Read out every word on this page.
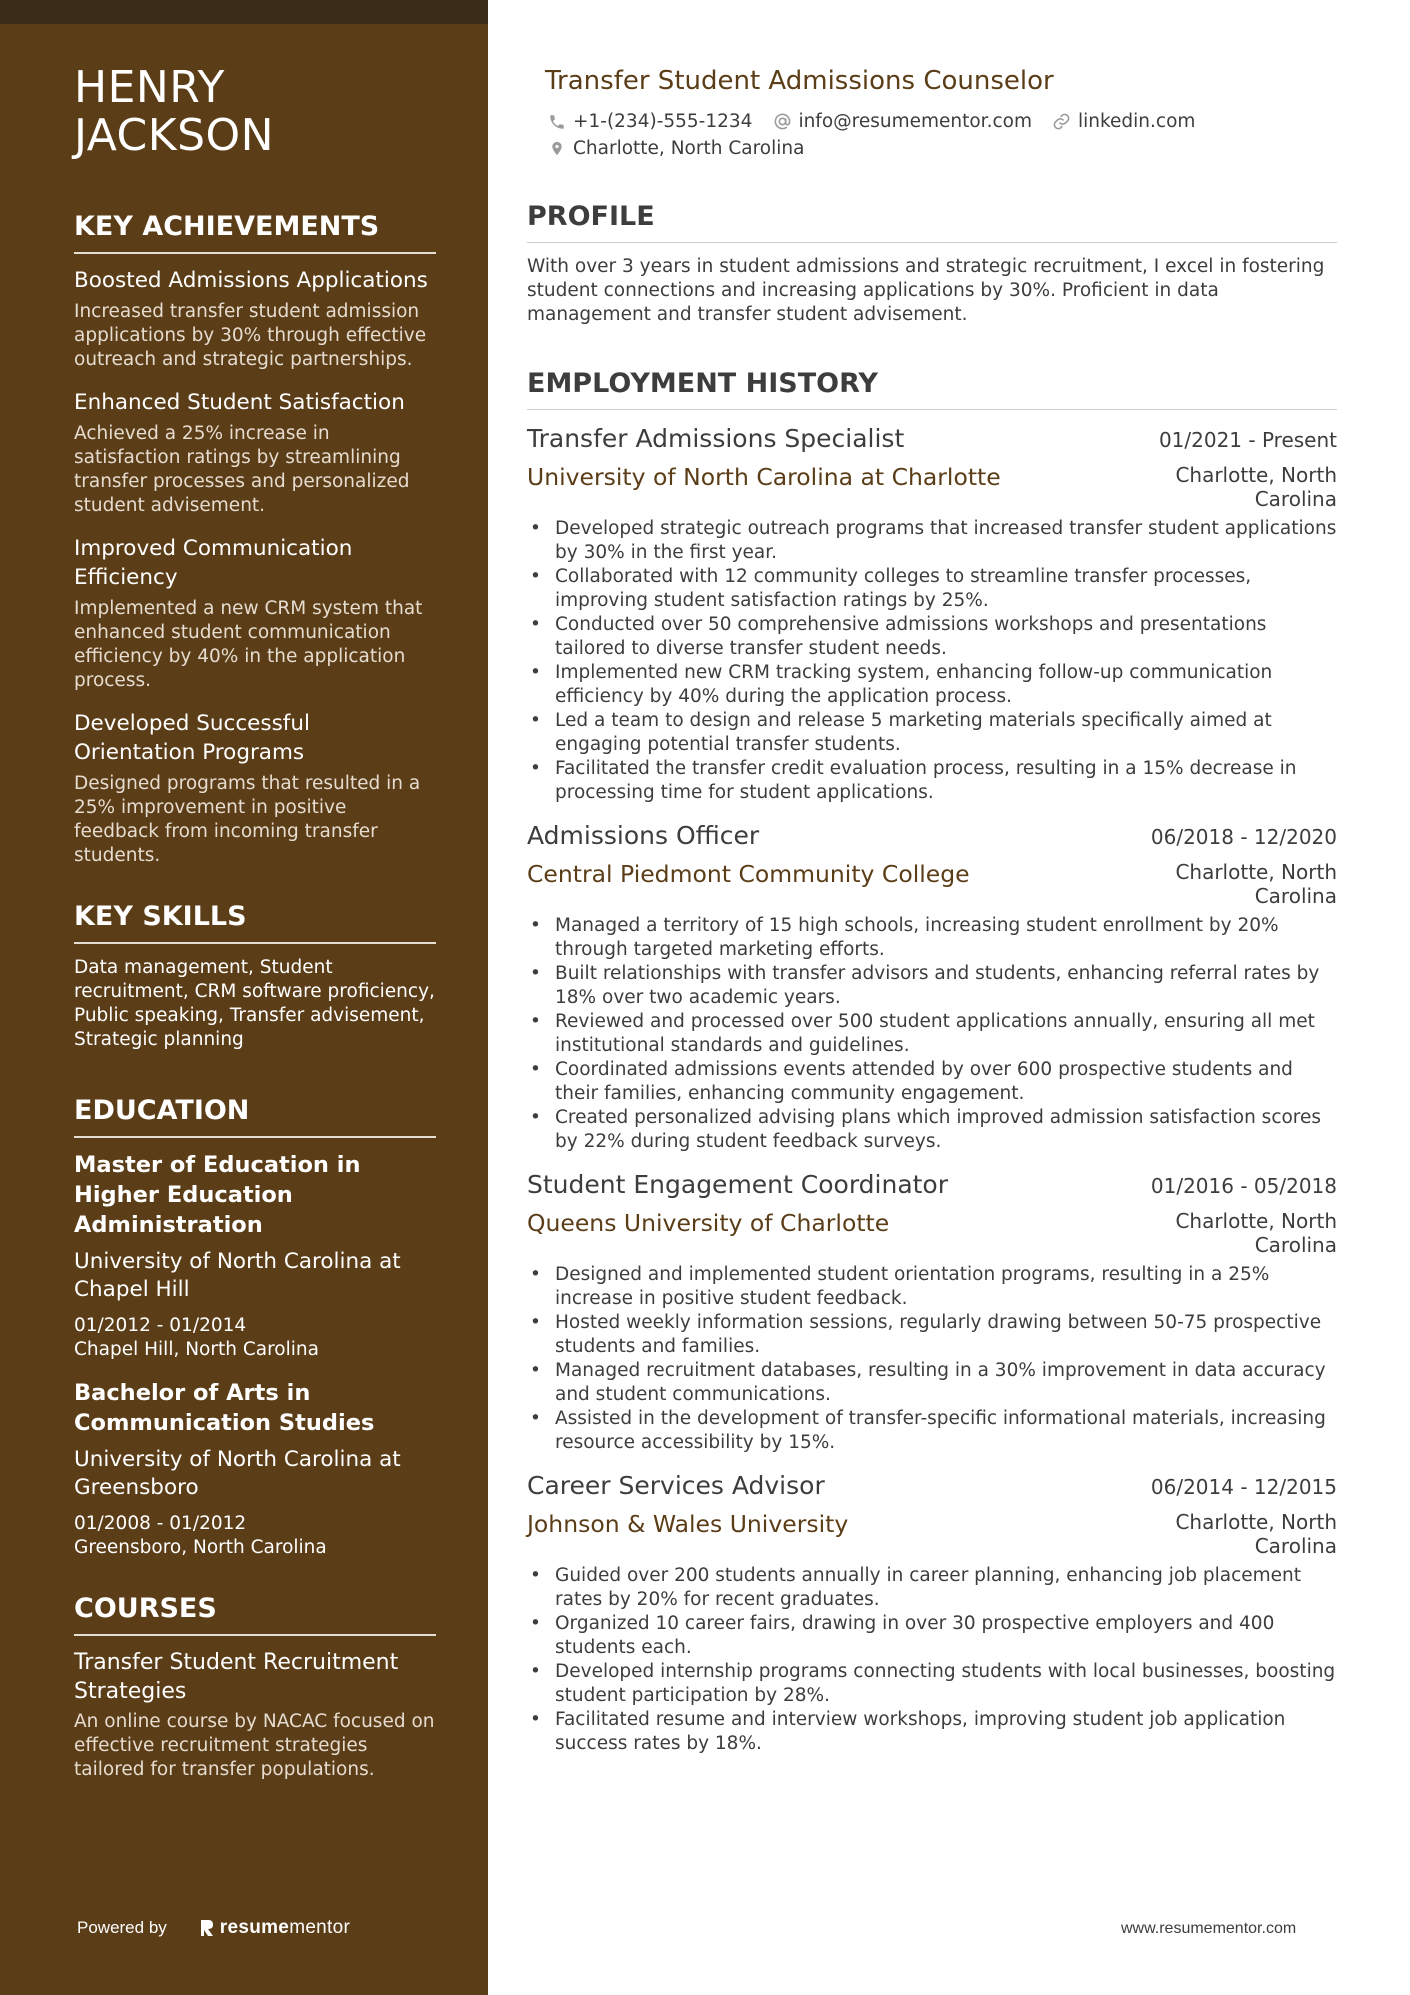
HENRY
JACKSON
KEY ACHIEVEMENTS
Boosted Admissions Applications
Increased transfer student admission applications by 30% through effective outreach and strategic partnerships.
Enhanced Student Satisfaction
Achieved a 25% increase in satisfaction ratings by streamlining transfer processes and personalized student advisement.
Improved Communication Efficiency
Implemented a new CRM system that enhanced student communication efficiency by 40% in the application process.
Developed Successful Orientation Programs
Designed programs that resulted in a 25% improvement in positive feedback from incoming transfer students.
KEY SKILLS
Data management, Student recruitment, CRM software proficiency, Public speaking, Transfer advisement, Strategic planning
EDUCATION
Master of Education in Higher Education Administration
University of North Carolina at Chapel Hill
01/2012 - 01/2014
Chapel Hill, North Carolina
Bachelor of Arts in Communication Studies
University of North Carolina at Greensboro
01/2008 - 01/2012
Greensboro, North Carolina
COURSES
Transfer Student Recruitment Strategies
An online course by NACAC focused on effective recruitment strategies tailored for transfer populations.
Powered by	resume mentor
Transfer Student Admissions Counselor
+1-(234)-555-1234 info@resumementor.com linkedin.com
Charlotte, North Carolina
PROFILE

With over 3 years in student admissions and strategic recruitment, I excel in fostering student connections and increasing applications by 30%. Proficient in data management and transfer student advisement.

EMPLOYMENT HISTORY
Transfer Admissions Specialist	01/2021 - Present
University of North Carolina at Charlotte	Charlotte, North Carolina
• Developed strategic outreach programs that increased transfer student applications by 30% in the first year.
• Collaborated with 12 community colleges to streamline transfer processes, improving student satisfaction ratings by 25%.
• Conducted over 50 comprehensive admissions workshops and presentations tailored to diverse transfer student needs.
• Implemented new CRM tracking system, enhancing follow-up communication efficiency by 40% during the application process.
• Led a team to design and release 5 marketing materials specifically aimed at engaging potential transfer students.
• Facilitated the transfer credit evaluation process, resulting in a 15% decrease in processing time for student applications.
Admissions Officer	06/2018 - 12/2020
Central Piedmont Community College	Charlotte, North Carolina
• Managed a territory of 15 high schools, increasing student enrollment by 20% through targeted marketing efforts.
• Built relationships with transfer advisors and students, enhancing referral rates by 18% over two academic years.
• Reviewed and processed over 500 student applications annually, ensuring all met institutional standards and guidelines.
• Coordinated admissions events attended by over 600 prospective students and their families, enhancing community engagement.
• Created personalized advising plans which improved admission satisfaction scores by 22% during student feedback surveys.
Student Engagement Coordinator	01/2016 - 05/2018
Queens University of Charlotte	Charlotte, North Carolina
• Designed and implemented student orientation programs, resulting in a 25% increase in positive student feedback.
• Hosted weekly information sessions, regularly drawing between 50-75 prospective students and families.
• Managed recruitment databases, resulting in a 30% improvement in data accuracy and student communications.
• Assisted in the development of transfer-specific informational materials, increasing resource accessibility by 15%.
Career Services Advisor	06/2014 - 12/2015
Johnson & Wales University	Charlotte, North Carolina
• Guided over 200 students annually in career planning, enhancing job placement rates by 20% for recent graduates.
• Organized 10 career fairs, drawing in over 30 prospective employers and 400 students each.
• Developed internship programs connecting students with local businesses, boosting student participation by 28%.
• Facilitated resume and interview workshops, improving student job application success rates by 18%.
www.resumementor.com
